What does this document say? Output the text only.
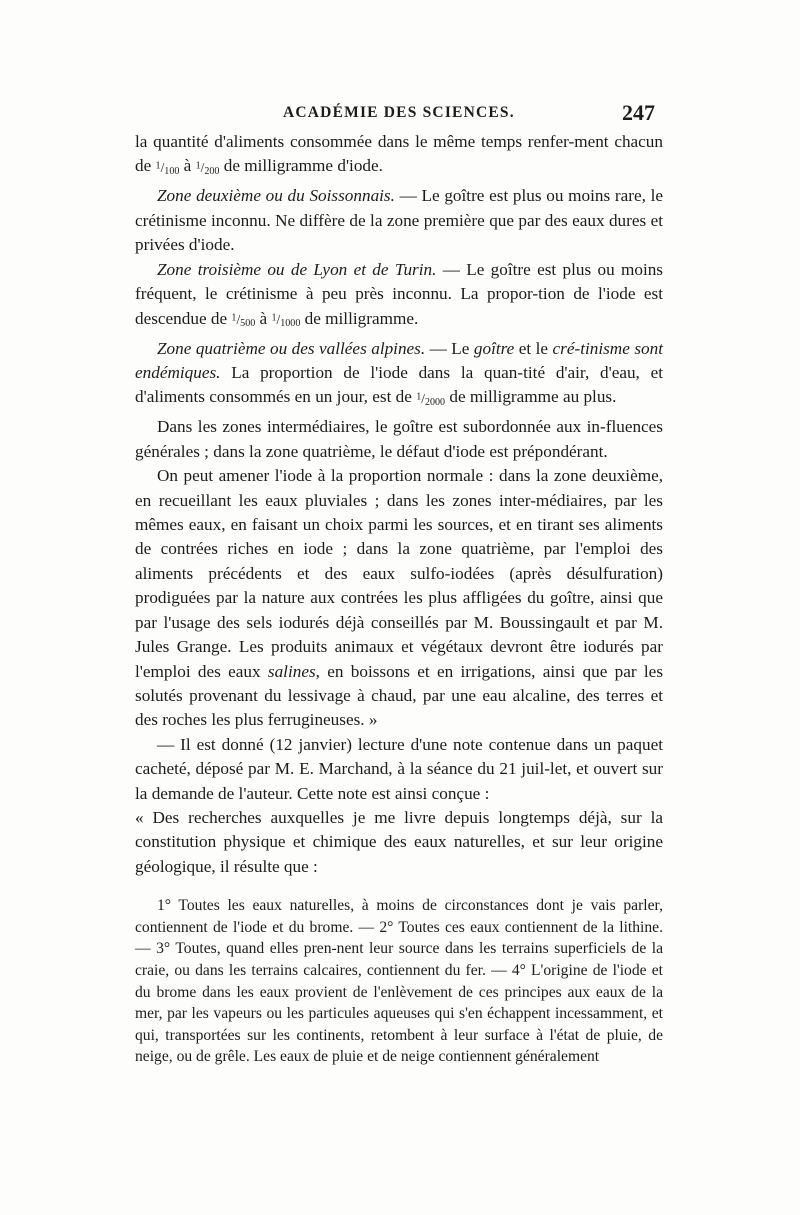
ACADÉMIE DES SCIENCES.	247

la quantité d'aliments consommée dans le même temps renfer-ment chacun de $^1/_{100}$ à $^1/_{200}$ de milligramme d'iode.

Zone deuxième ou du Soissonnais. — Le goître est plus ou moins rare, le crétinisme inconnu. Ne diffère de la zone première que par des eaux dures et privées d'iode.

Zone troisième ou de Lyon et de Turin. — Le goître est plus ou moins fréquent, le crétinisme à peu près inconnu. La propor-tion de l'iode est descendue de $^1/_{500}$ à $^1/_{1000}$ de milligramme.

Zone quatrième ou des vallées alpines. — Le goître et le cré-tinisme sont endémiques. La proportion de l'iode dans la quan-tité d'air, d'eau, et d'aliments consommés en un jour, est de $^1/_{2000}$ de milligramme au plus.

Dans les zones intermédiaires, le goître est subordonnée aux in-fluences générales ; dans la zone quatrième, le défaut d'iode est prépondérant.

On peut amener l'iode à la proportion normale : dans la zone deuxième, en recueillant les eaux pluviales ; dans les zones inter-médiaires, par les mêmes eaux, en faisant un choix parmi les sources, et en tirant ses aliments de contrées riches en iode ; dans la zone quatrième, par l'emploi des aliments précédents et des eaux sulfo-iodées (après désulfuration) prodiguées par la nature aux contrées les plus affligées du goître, ainsi que par l'usage des sels iodurés déjà conseillés par M. Boussingault et par M. Jules Grange. Les produits animaux et végétaux devront être iodurés par l'emploi des eaux salines, en boissons et en irrigations, ainsi que par les solutés provenant du lessivage à chaud, par une eau alcaline, des terres et des roches les plus ferrugineuses. »

— Il est donné (12 janvier) lecture d'une note contenue dans un paquet cacheté, déposé par M. E. Marchand, à la séance du 21 juil-let, et ouvert sur la demande de l'auteur. Cette note est ainsi conçue :

« Des recherches auxquelles je me livre depuis longtemps déjà, sur la constitution physique et chimique des eaux naturelles, et sur leur origine géologique, il résulte que :

1° Toutes les eaux naturelles, à moins de circonstances dont je vais parler, contiennent de l'iode et du brome. — 2° Toutes ces eaux contiennent de la lithine. — 3° Toutes, quand elles pren-nent leur source dans les terrains superficiels de la craie, ou dans les terrains calcaires, contiennent du fer. — 4° L'origine de l'iode et du brome dans les eaux provient de l'enlèvement de ces principes aux eaux de la mer, par les vapeurs ou les particules aqueuses qui s'en échappent incessamment, et qui, transportées sur les continents, retombent à leur surface à l'état de pluie, de neige, ou de grêle. Les eaux de pluie et de neige contiennent généralement
